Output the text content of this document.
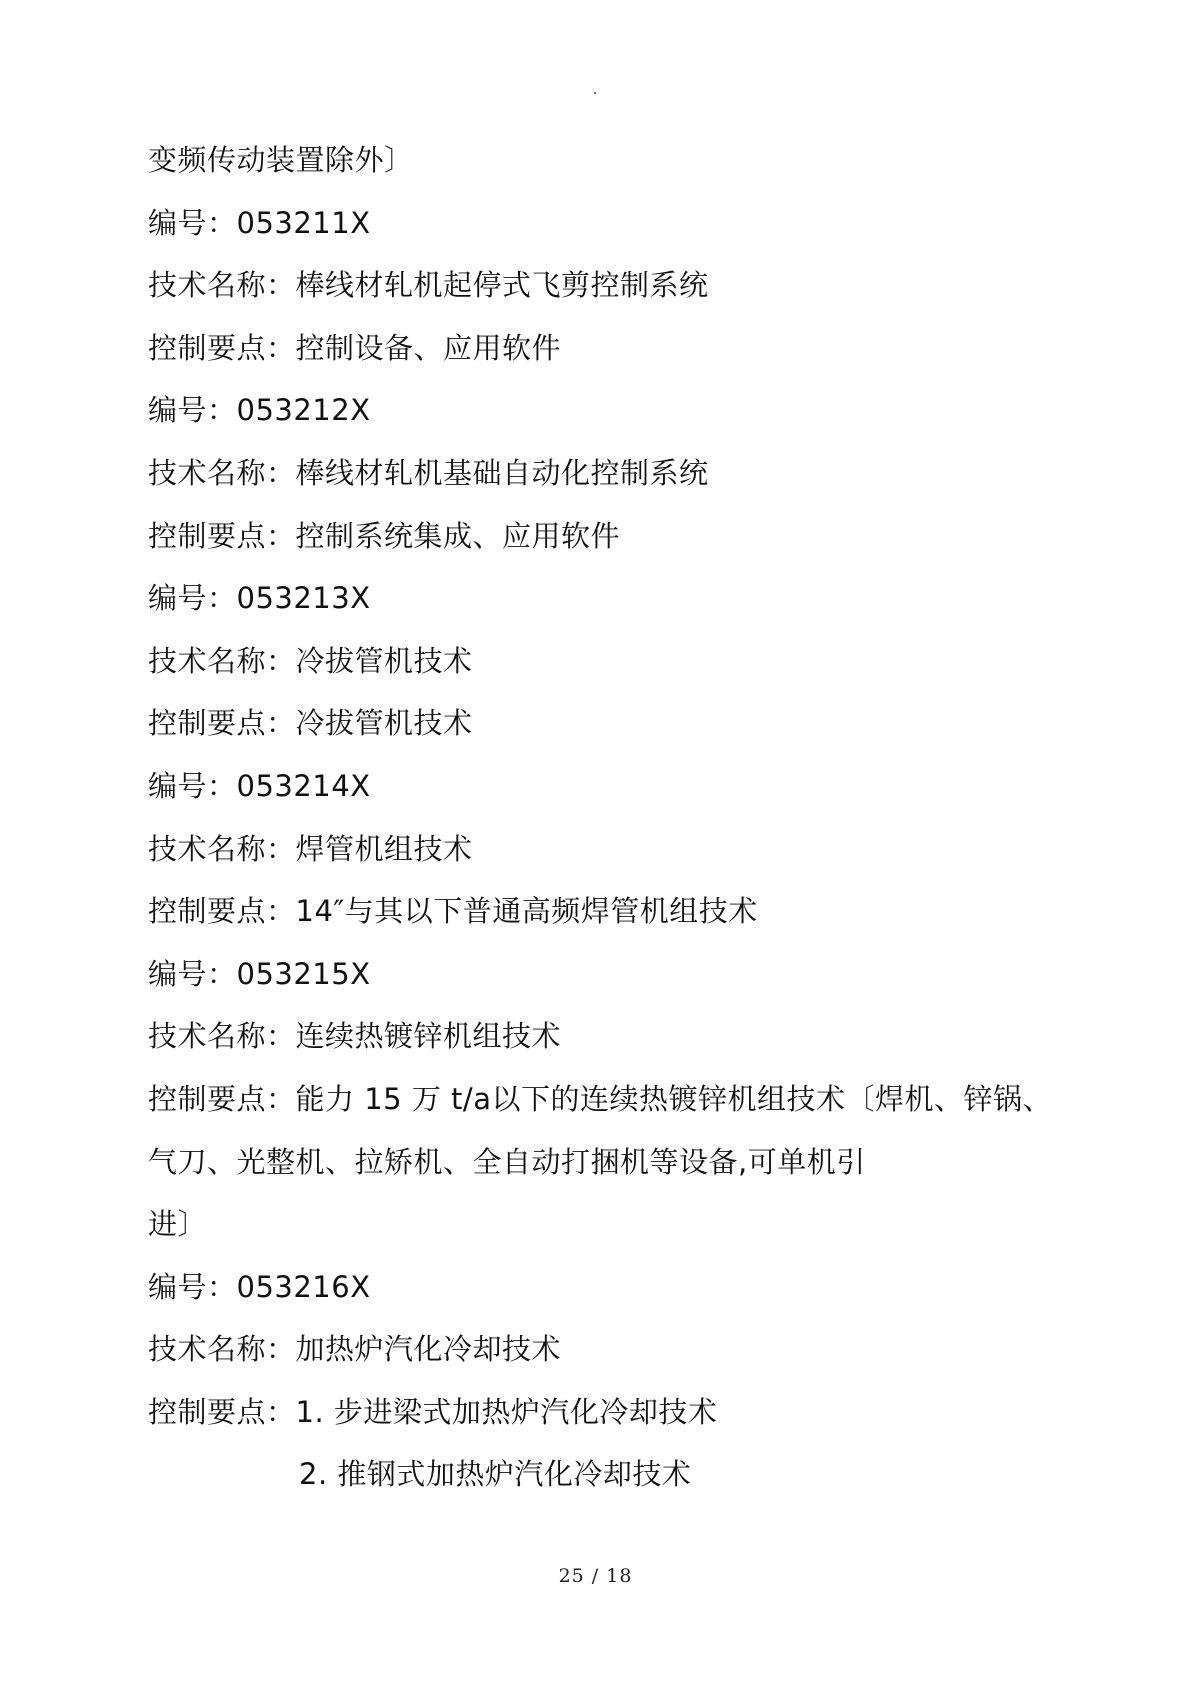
变频传动装置除外〕
编号：053211X
技术名称：棒线材轧机起停式飞剪控制系统
控制要点：控制设备、应用软件
编号：053212X
技术名称：棒线材轧机基础自动化控制系统
控制要点：控制系统集成、应用软件
编号：053213X
技术名称：冷拔管机技术
控制要点：冷拔管机技术
编号：053214X
技术名称：焊管机组技术
控制要点：14″与其以下普通高频焊管机组技术
编号：053215X
技术名称：连续热镀锌机组技术
控制要点：能力 15 万 t/a以下的连续热镀锌机组技术〔焊机、锌锅、
气刀、光整机、拉矫机、全自动打捆机等设备,可单机引
进〕
编号：053216X
技术名称：加热炉汽化冷却技术
控制要点：1. 步进梁式加热炉汽化冷却技术
2. 推钢式加热炉汽化冷却技术
25 / 18
